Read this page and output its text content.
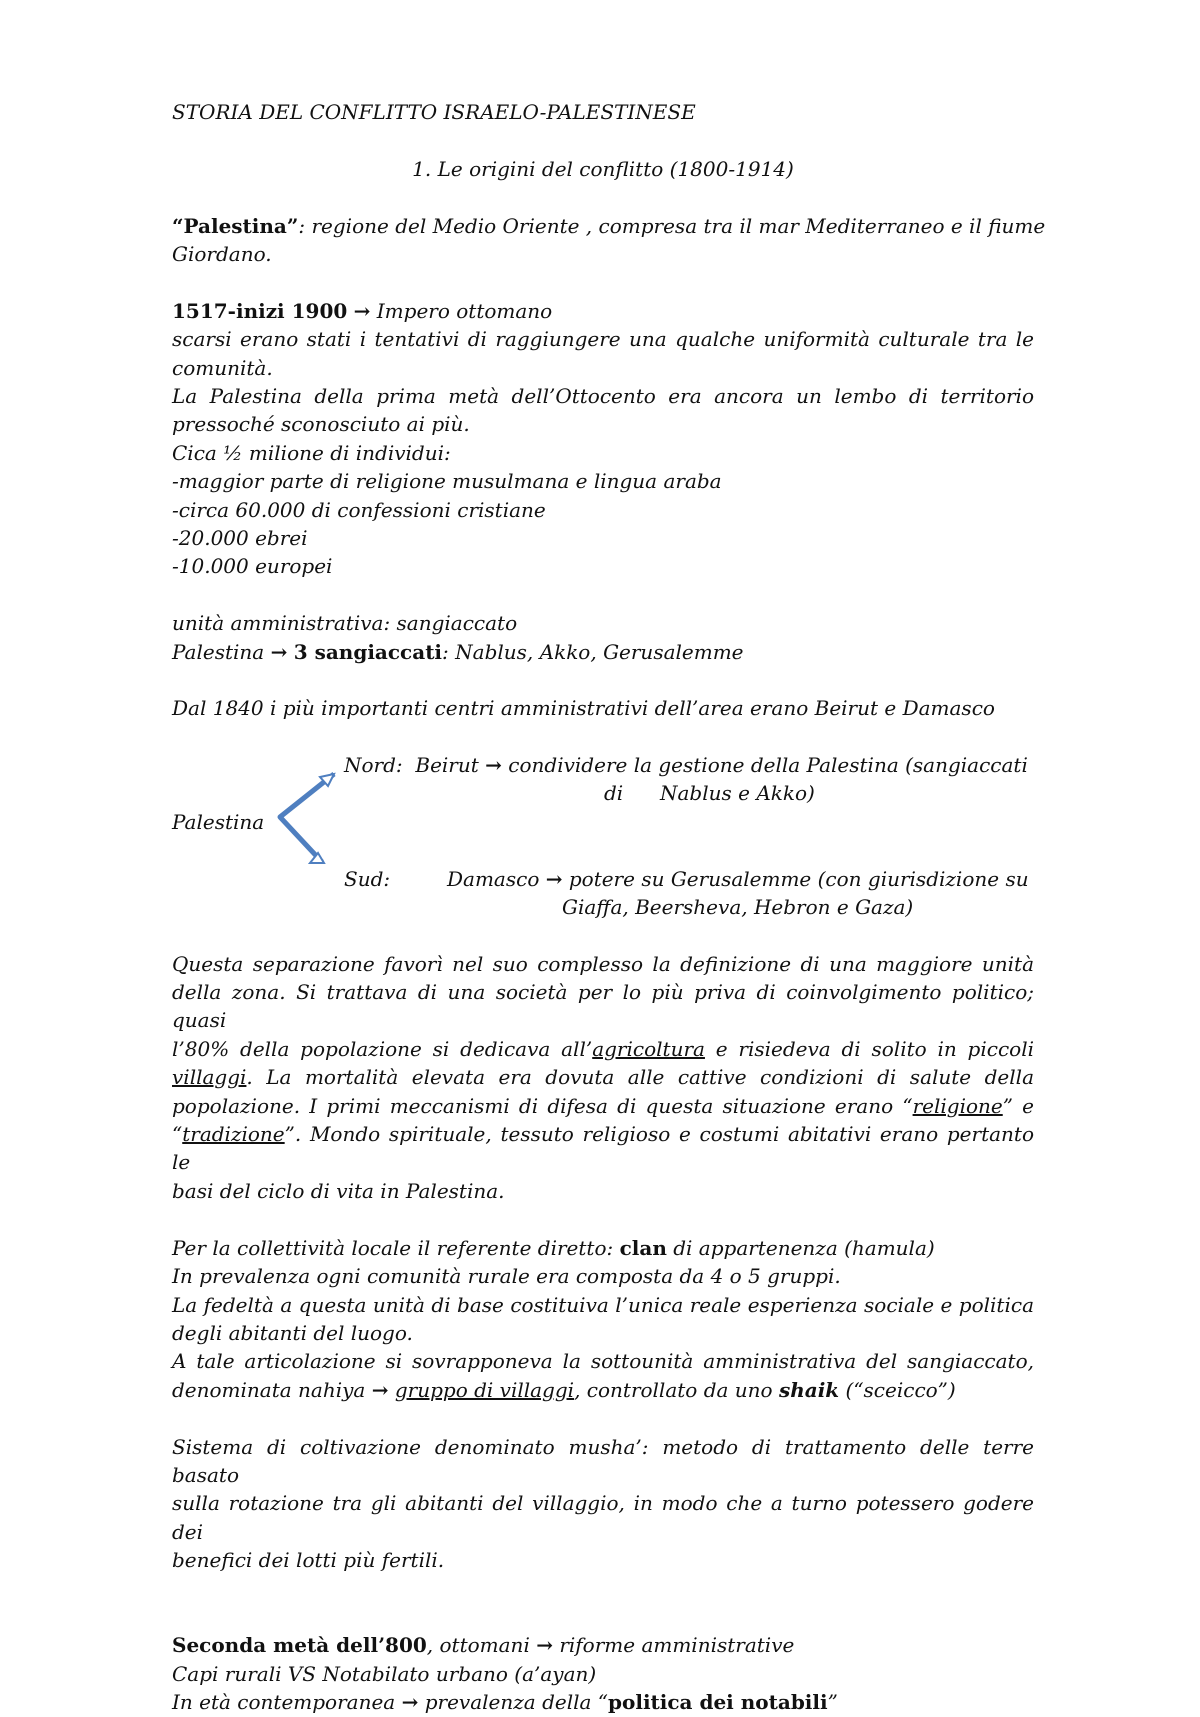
STORIA DEL CONFLITTO ISRAELO-PALESTINESE
1. Le origini del conflitto (1800-1914)
“Palestina”: regione del Medio Oriente , compresa tra il mar Mediterraneo e il fiume
Giordano.
1517-inizi 1900 → Impero ottomano
scarsi erano stati i tentativi di raggiungere una qualche uniformità culturale tra le
comunità.
La Palestina della prima metà dell’Ottocento era ancora un lembo di territorio
pressoché sconosciuto ai più.
Cica ½ milione di individui:
-maggior parte di religione musulmana e lingua araba
-circa 60.000 di confessioni cristiane
-20.000 ebrei
-10.000 europei
unità amministrativa: sangiaccato
Palestina → 3 sangiaccati: Nablus, Akko, Gerusalemme
Dal 1840 i più importanti centri amministrativi dell’area erano Beirut e Damasco
Palestina
Nord: Beirut → condividere la gestione della Palestina (sangiaccati
di Nablus e Akko)
Sud:	Damasco → potere su Gerusalemme (con giurisdizione su
Giaffa, Beersheva, Hebron e Gaza)
Questa separazione favorì nel suo complesso la definizione di una maggiore unità
della zona. Si trattava di una società per lo più priva di coinvolgimento politico; quasi
l’80% della popolazione si dedicava all’agricoltura e risiedeva di solito in piccoli
villaggi. La mortalità elevata era dovuta alle cattive condizioni di salute della
popolazione. I primi meccanismi di difesa di questa situazione erano “religione” e
“tradizione”. Mondo spirituale, tessuto religioso e costumi abitativi erano pertanto le
basi del ciclo di vita in Palestina.
Per la collettività locale il referente diretto: clan di appartenenza (hamula)
In prevalenza ogni comunità rurale era composta da 4 o 5 gruppi.
La fedeltà a questa unità di base costituiva l’unica reale esperienza sociale e politica
degli abitanti del luogo.
A tale articolazione si sovrapponeva la sottounità amministrativa del sangiaccato,
denominata nahiya → gruppo di villaggi, controllato da uno shaik (“sceicco”)
Sistema di coltivazione denominato musha’: metodo di trattamento delle terre basato
sulla rotazione tra gli abitanti del villaggio, in modo che a turno potessero godere dei
benefici dei lotti più fertili.
Seconda metà dell’800, ottomani → riforme amministrative
Capi rurali VS Notabilato urbano (a’ayan)
In età contemporanea → prevalenza della “politica dei notabili”
